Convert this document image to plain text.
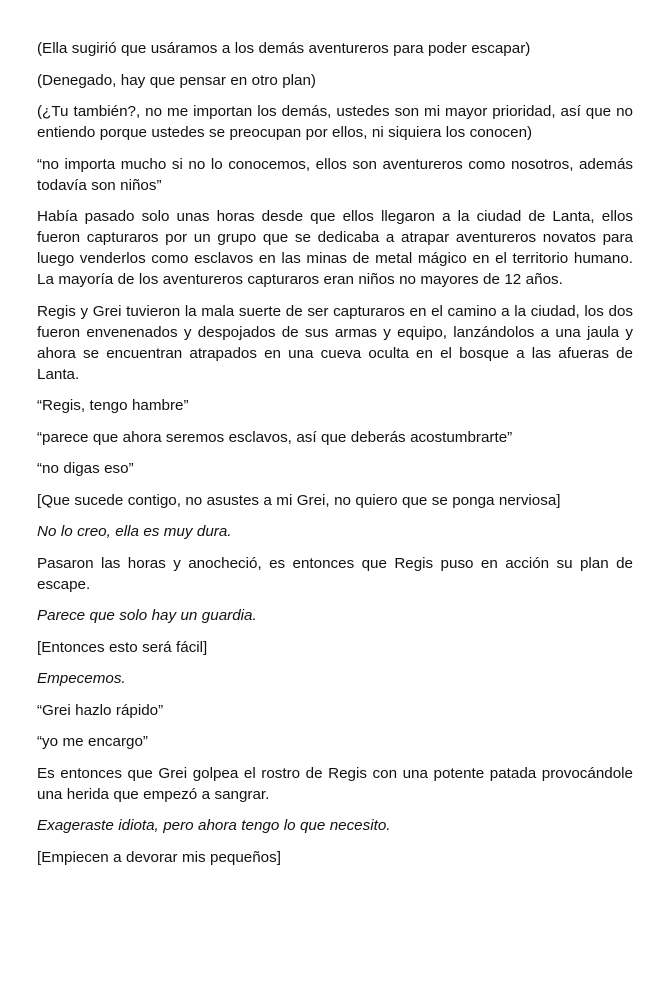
(Ella sugirió que usáramos a los demás aventureros para poder escapar)

(Denegado, hay que pensar en otro plan)

(¿Tu también?, no me importan los demás, ustedes son mi mayor prioridad, así que no entiendo porque ustedes se preocupan por ellos, ni siquiera los conocen)

“no importa mucho si no lo conocemos, ellos son aventureros como nosotros, además todavía son niños”

Había pasado solo unas horas desde que ellos llegaron a la ciudad de Lanta, ellos fueron capturaros por un grupo que se dedicaba a atrapar aventureros novatos para luego venderlos como esclavos en las minas de metal mágico en el territorio humano. La mayoría de los aventureros capturaros eran niños no mayores de 12 años.

Regis y Grei tuvieron la mala suerte de ser capturaros en el camino a la ciudad, los dos fueron envenenados y despojados de sus armas y equipo, lanzándolos a una jaula y ahora se encuentran atrapados en una cueva oculta en el bosque a las afueras de Lanta.

“Regis, tengo hambre”

“parece que ahora seremos esclavos, así que deberás acostumbrarte”

“no digas eso”

[Que sucede contigo, no asustes a mi Grei, no quiero que se ponga nerviosa]

No lo creo, ella es muy dura.

Pasaron las horas y anocheció, es entonces que Regis puso en acción su plan de escape.

Parece que solo hay un guardia.

[Entonces esto será fácil]

Empecemos.

“Grei hazlo rápido”

“yo me encargo”

Es entonces que Grei golpea el rostro de Regis con una potente patada provocándole una herida que empezó a sangrar.

Exageraste idiota, pero ahora tengo lo que necesito.

[Empiecen a devorar mis pequeños]
